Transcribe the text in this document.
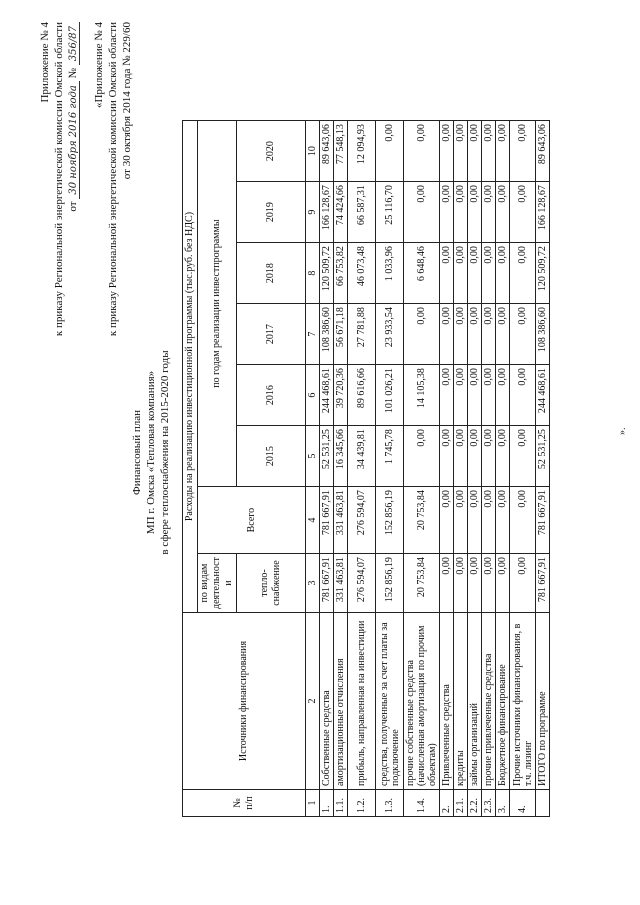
Приложение № 4 к приказу Региональной энергетической комиссии Омской области от 30 ноября 2016 года № 356/87 «Приложение № 4 к приказу Региональной энергетической комиссии Омской области от 30 октября 2014 года № 229/60
Финансовый план МП г. Омска «Тепловая компания» в сфере теплоснабжения на 2015-2020 годы
№ п/п	Источники финансирования	Расходы на реализацию инвестиционной программы (тыс.руб. без НДС)							
		по видам деятельност и	Всего	по годам реализации инвестпрограммы					
		тепло-снабжение		2015	2016	2017	2018	2019	2020
1	2	3	4	5	6	7	8	9	10
1.	Собственные средства	781 667,91	781 667,91	52 531,25	244 468,61	108 386,60	120 509,72	166 128,67	89 643,06
1.1.	амортизационные отчисления	331 463,81	331 463,81	16 345,66	39 720,36	56 671,18	66 753,82	74 424,66	77 548,13
1.2.	прибыль, направленная на инвестиции	276 594,07	276 594,07	34 439,81	89 616,66	27 781,88	46 073,48	66 587,31	12 094,93
1.3.	средства, полученные за счет платы за подключение	152 856,19	152 856,19	1 745,78	101 026,21	23 933,54	1 033,96	25 116,70	0,00
1.4.	прочие собственные средства (начисленная амортизация по прочим объектам)	20 753,84	20 753,84	0,00	14 105,38	0,00	6 648,46	0,00	0,00
2.	Привлеченные средства	0,00	0,00	0,00	0,00	0,00	0,00	0,00	0,00
2.1.	кредиты	0,00	0,00	0,00	0,00	0,00	0,00	0,00	0,00
2.2.	займы организаций	0,00	0,00	0,00	0,00	0,00	0,00	0,00	0,00
2.3.	прочие привлеченные средства	0,00	0,00	0,00	0,00	0,00	0,00	0,00	0,00
3.	Бюджетное финансирование	0,00	0,00	0,00	0,00	0,00	0,00	0,00	0,00
4.	Прочие источники финансирования, в т.ч. лизинг	0,00	0,00	0,00	0,00	0,00	0,00	0,00	0,00
	ИТОГО по программе	781 667,91	781 667,91	52 531,25	244 468,61	108 386,60	120 509,72	166 128,67	89 643,06
».
